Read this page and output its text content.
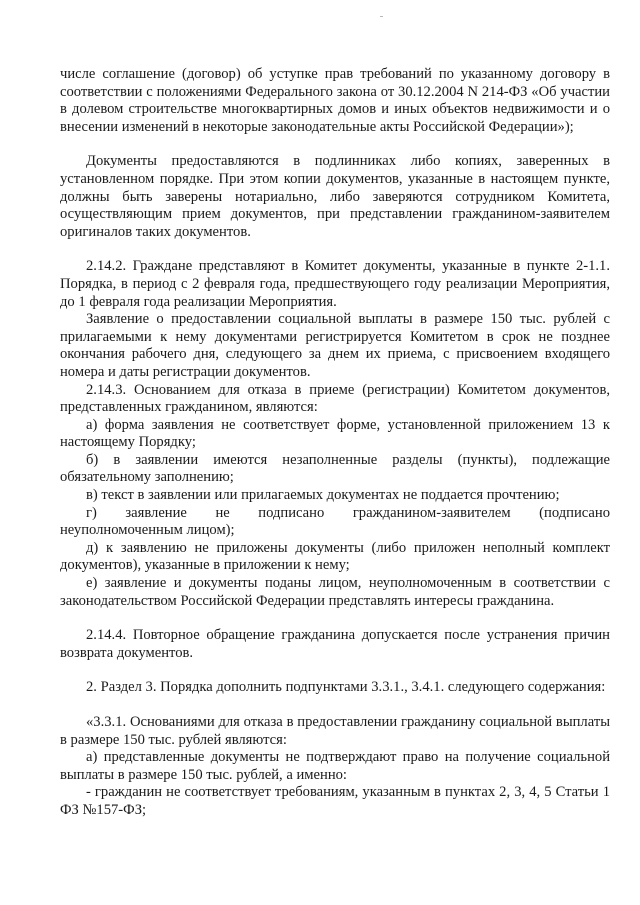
числе соглашение (договор) об уступке прав требований по указанному договору в соответствии с положениями Федерального закона от 30.12.2004 N 214-ФЗ «Об участии в долевом строительстве многоквартирных домов и иных объектов недвижимости и о внесении изменений в некоторые законодательные акты Российской Федерации»);

Документы предоставляются в подлинниках либо копиях, заверенных в установленном порядке. При этом копии документов, указанные в настоящем пункте, должны быть заверены нотариально, либо заверяются сотрудником Комитета, осуществляющим прием документов, при представлении гражданином-заявителем оригиналов таких документов.

2.14.2. Граждане представляют в Комитет документы, указанные в пункте 2-1.1. Порядка, в период с 2 февраля года, предшествующего году реализации Мероприятия, до 1 февраля года реализации Мероприятия.

Заявление о предоставлении социальной выплаты в размере 150 тыс. рублей с прилагаемыми к нему документами регистрируется Комитетом в срок не позднее окончания рабочего дня, следующего за днем их приема, с присвоением входящего номера и даты регистрации документов.

2.14.3. Основанием для отказа в приеме (регистрации) Комитетом документов, представленных гражданином, являются:

а) форма заявления не соответствует форме, установленной приложением 13 к настоящему Порядку;

б) в заявлении имеются незаполненные разделы (пункты), подлежащие обязательному заполнению;

в) текст в заявлении или прилагаемых документах не поддается прочтению;

г) заявление не подписано гражданином-заявителем (подписано неуполномоченным лицом);

д) к заявлению не приложены документы (либо приложен неполный комплект документов), указанные в приложении к нему;

е) заявление и документы поданы лицом, неуполномоченным в соответствии с законодательством Российской Федерации представлять интересы гражданина.

2.14.4. Повторное обращение гражданина допускается после устранения причин возврата документов.

2. Раздел 3. Порядка дополнить подпунктами 3.3.1., 3.4.1. следующего содержания:

«3.3.1. Основаниями для отказа в предоставлении гражданину социальной выплаты в размере 150 тыс. рублей являются:

а) представленные документы не подтверждают право на получение социальной выплаты в размере 150 тыс. рублей, а именно:

- гражданин не соответствует требованиям, указанным в пунктах 2, 3, 4, 5 Статьи 1 ФЗ №157-ФЗ;
